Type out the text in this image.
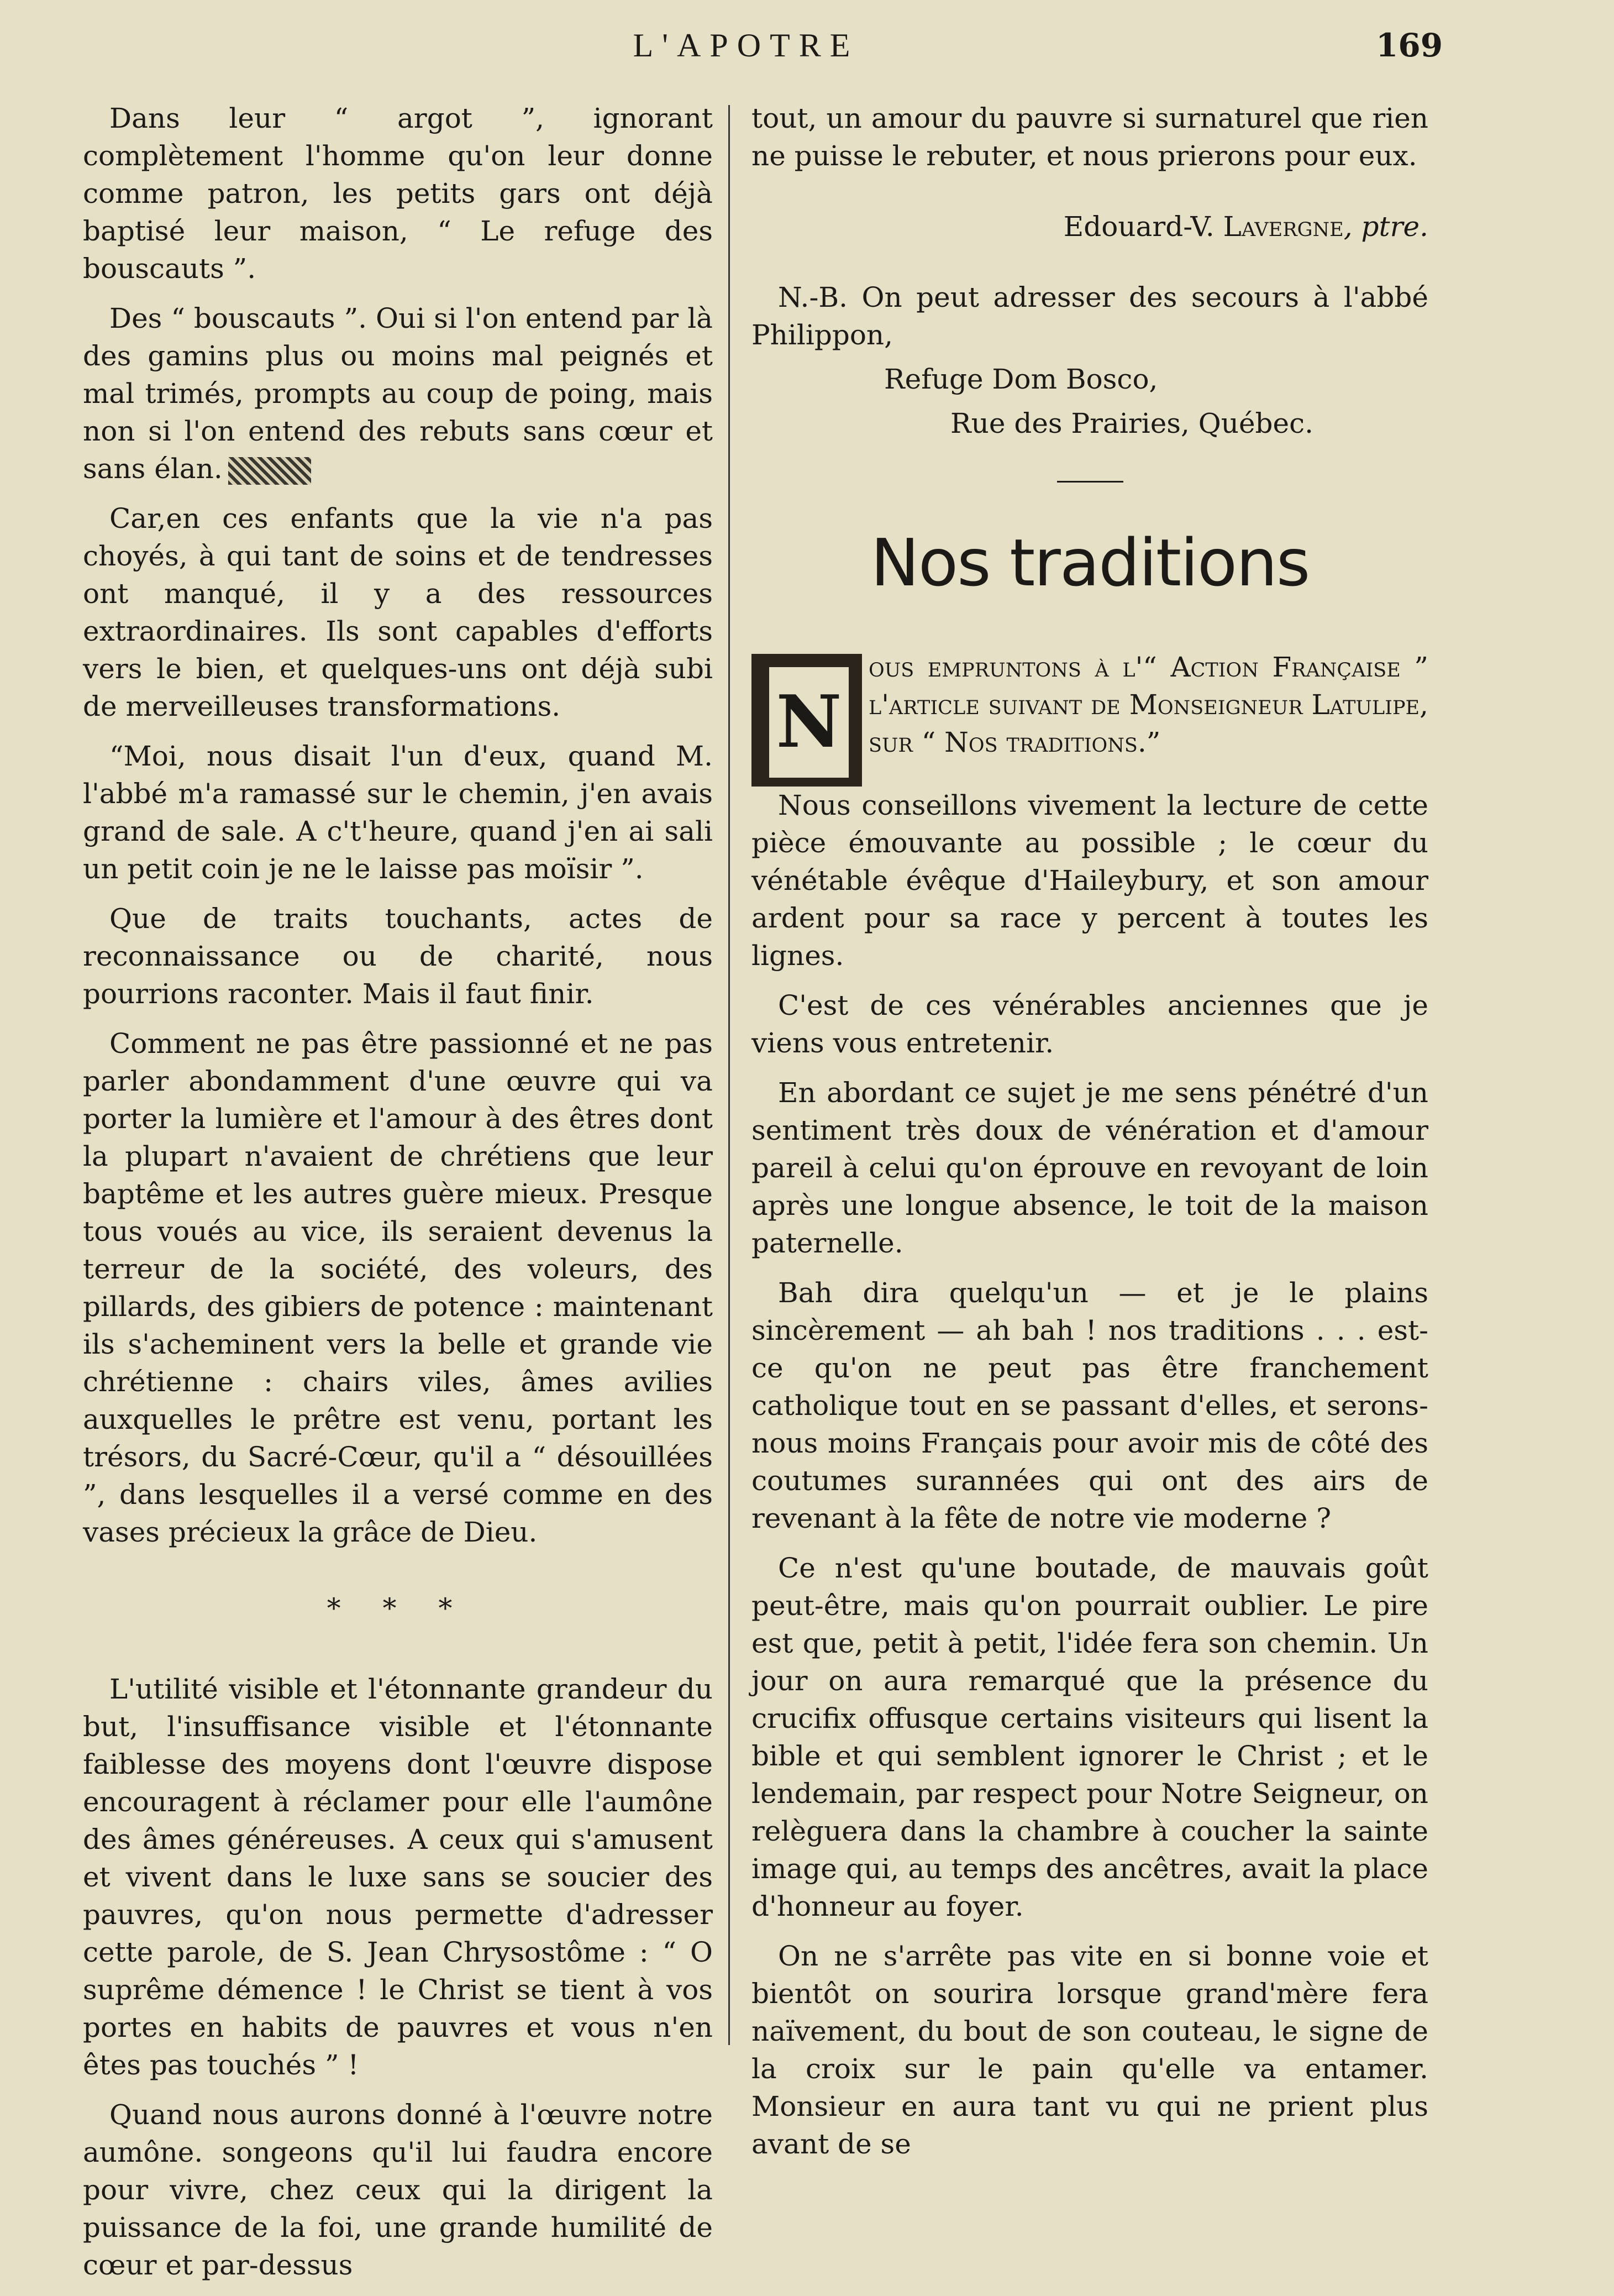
L'APOTRE	169

Dans leur “ argot ”, ignorant complètement l'homme qu'on leur donne comme patron, les petits gars ont déjà baptisé leur maison, “ Le refuge des bouscauts ”.

Des “ bouscauts ”. Oui si l'on entend par là des gamins plus ou moins mal peignés et mal trimés, prompts au coup de poing, mais non si l'on entend des rebuts sans cœur et sans élan.

Car,en ces enfants que la vie n'a pas choyés, à qui tant de soins et de tendresses ont manqué, il y a des ressources extraordinaires. Ils sont capables d'efforts vers le bien, et quelques-uns ont déjà subi de merveilleuses transformations.

“Moi, nous disait l'un d'eux, quand M. l'abbé m'a ramassé sur le chemin, j'en avais grand de sale. A c't'heure, quand j'en ai sali un petit coin je ne le laisse pas moïsir ”.

Que de traits touchants, actes de reconnaissance ou de charité, nous pourrions raconter. Mais il faut finir.

Comment ne pas être passionné et ne pas parler abondamment d'une œuvre qui va porter la lumière et l'amour à des êtres dont la plupart n'avaient de chrétiens que leur baptême et les autres guère mieux. Presque tous voués au vice, ils seraient devenus la terreur de la société, des voleurs, des pillards, des gibiers de potence : maintenant ils s'acheminent vers la belle et grande vie chrétienne : chairs viles, âmes avilies auxquelles le prêtre est venu, portant les trésors, du Sacré-Cœur, qu'il a “ désouillées ”, dans lesquelles il a versé comme en des vases précieux la grâce de Dieu.

* * *

L'utilité visible et l'étonnante grandeur du but, l'insuffisance visible et l'étonnante faiblesse des moyens dont l'œuvre dispose encouragent à réclamer pour elle l'aumône des âmes généreuses. A ceux qui s'amusent et vivent dans le luxe sans se soucier des pauvres, qu'on nous permette d'adresser cette parole, de S. Jean Chrysostôme : “ O suprême démence ! le Christ se tient à vos portes en habits de pauvres et vous n'en êtes pas touchés ” !

Quand nous aurons donné à l'œuvre notre aumône. songeons qu'il lui faudra encore pour vivre, chez ceux qui la dirigent la puissance de la foi, une grande humilité de cœur et par-dessus

tout, un amour du pauvre si surnaturel que rien ne puisse le rebuter, et nous prierons pour eux.

Edouard-V. Lavergne, ptre.

N.-B. On peut adresser des secours à l'abbé Philippon,

Refuge Dom Bosco,

Rue des Prairies, Québec.

Nos traditions

N
ous empruntons à l'“ Action Française ” l'article suivant de Monseigneur Latulipe, sur “ Nos traditions.”

Nous conseillons vivement la lecture de cette pièce émouvante au possible ; le cœur du vénétable évêque d'Haileybury, et son amour ardent pour sa race y percent à toutes les lignes.

C'est de ces vénérables anciennes que je viens vous entretenir.

En abordant ce sujet je me sens pénétré d'un sentiment très doux de vénération et d'amour pareil à celui qu'on éprouve en revoyant de loin après une longue absence, le toit de la maison paternelle.

Bah dira quelqu'un — et je le plains sincèrement — ah bah ! nos traditions . . . est-ce qu'on ne peut pas être franchement catholique tout en se passant d'elles, et serons-nous moins Français pour avoir mis de côté des coutumes surannées qui ont des airs de revenant à la fête de notre vie moderne ?

Ce n'est qu'une boutade, de mauvais goût peut-être, mais qu'on pourrait oublier. Le pire est que, petit à petit, l'idée fera son chemin. Un jour on aura remarqué que la présence du crucifix offusque certains visiteurs qui lisent la bible et qui semblent ignorer le Christ ; et le lendemain, par respect pour Notre Seigneur, on relèguera dans la chambre à coucher la sainte image qui, au temps des ancêtres, avait la place d'honneur au foyer.

On ne s'arrête pas vite en si bonne voie et bientôt on sourira lorsque grand'mère fera naïvement, du bout de son couteau, le signe de la croix sur le pain qu'elle va entamer. Monsieur en aura tant vu qui ne prient plus avant de se
